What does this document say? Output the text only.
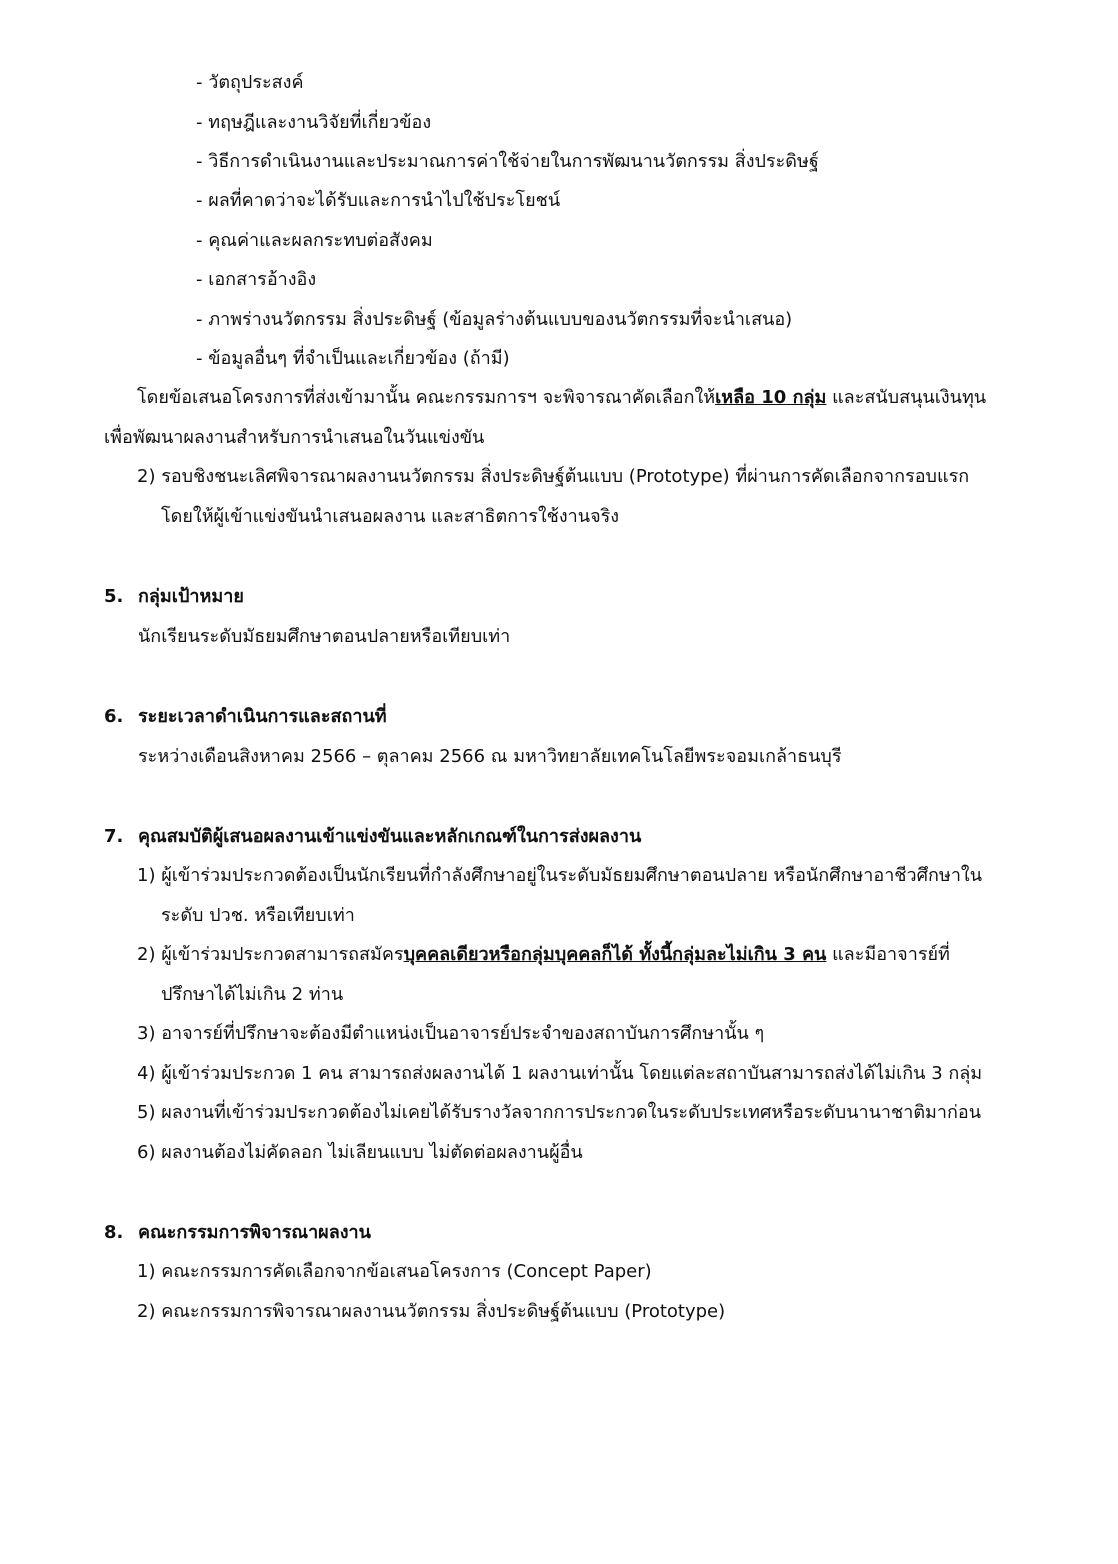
- วัตถุประสงค์
- ทฤษฎีและงานวิจัยที่เกี่ยวข้อง
- วิธีการดำเนินงานและประมาณการค่าใช้จ่ายในการพัฒนานวัตกรรม สิ่งประดิษฐ์
- ผลที่คาดว่าจะได้รับและการนำไปใช้ประโยชน์
- คุณค่าและผลกระทบต่อสังคม
- เอกสารอ้างอิง
- ภาพร่างนวัตกรรม สิ่งประดิษฐ์ (ข้อมูลร่างต้นแบบของนวัตกรรมที่จะนำเสนอ)
- ข้อมูลอื่นๆ ที่จำเป็นและเกี่ยวข้อง (ถ้ามี)
โดยข้อเสนอโครงการที่ส่งเข้ามานั้น คณะกรรมการฯ จะพิจารณาคัดเลือกให้เหลือ 10 กลุ่ม และสนับสนุนเงินทุน
เพื่อพัฒนาผลงานสำหรับการนำเสนอในวันแข่งขัน
2) รอบชิงชนะเลิศพิจารณาผลงานนวัตกรรม สิ่งประดิษฐ์ต้นแบบ (Prototype) ที่ผ่านการคัดเลือกจากรอบแรก
โดยให้ผู้เข้าแข่งขันนำเสนอผลงาน และสาธิตการใช้งานจริง
5. กลุ่มเป้าหมาย
นักเรียนระดับมัธยมศึกษาตอนปลายหรือเทียบเท่า
6. ระยะเวลาดำเนินการและสถานที่
ระหว่างเดือนสิงหาคม 2566 – ตุลาคม 2566 ณ มหาวิทยาลัยเทคโนโลยีพระจอมเกล้าธนบุรี
7. คุณสมบัติผู้เสนอผลงานเข้าแข่งขันและหลักเกณฑ์ในการส่งผลงาน
1) ผู้เข้าร่วมประกวดต้องเป็นนักเรียนที่กำลังศึกษาอยู่ในระดับมัธยมศึกษาตอนปลาย หรือนักศึกษาอาชีวศึกษาใน
ระดับ ปวช. หรือเทียบเท่า
2) ผู้เข้าร่วมประกวดสามารถสมัครบุคคลเดียวหรือกลุ่มบุคคลก็ได้ ทั้งนี้กลุ่มละไม่เกิน 3 คน และมีอาจารย์ที่
ปรึกษาได้ไม่เกิน 2 ท่าน
3) อาจารย์ที่ปรึกษาจะต้องมีตำแหน่งเป็นอาจารย์ประจำของสถาบันการศึกษานั้น ๆ
4) ผู้เข้าร่วมประกวด 1 คน สามารถส่งผลงานได้ 1 ผลงานเท่านั้น โดยแต่ละสถาบันสามารถส่งได้ไม่เกิน 3 กลุ่ม
5) ผลงานที่เข้าร่วมประกวดต้องไม่เคยได้รับรางวัลจากการประกวดในระดับประเทศหรือระดับนานาชาติมาก่อน
6) ผลงานต้องไม่คัดลอก ไม่เลียนแบบ ไม่ตัดต่อผลงานผู้อื่น
8. คณะกรรมการพิจารณาผลงาน
1) คณะกรรมการคัดเลือกจากข้อเสนอโครงการ (Concept Paper)
2) คณะกรรมการพิจารณาผลงานนวัตกรรม สิ่งประดิษฐ์ต้นแบบ (Prototype)
